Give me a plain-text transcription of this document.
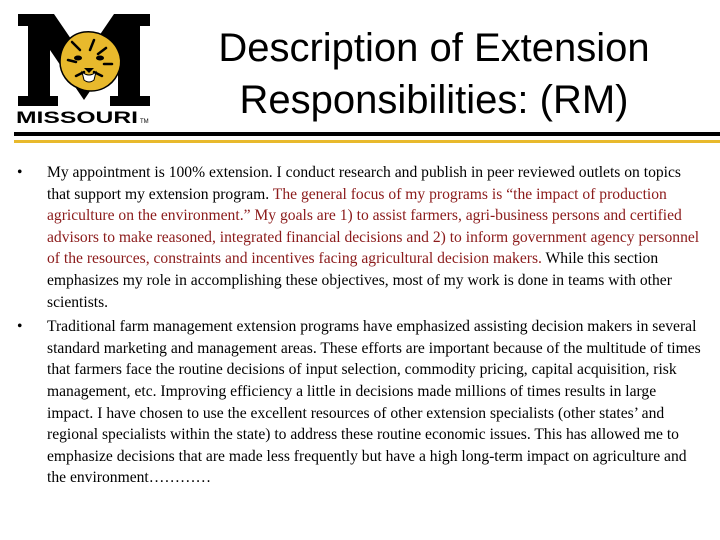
MISSOURI TM
Description of Extension
Responsibilities: (RM)
• My appointment is 100% extension. I conduct research and publish in peer reviewed outlets on topics that support my extension program. The general focus of my programs is “the impact of production agriculture on the environment.” My goals are 1) to assist farmers, agri-business persons and certified advisors to make reasoned, integrated financial decisions and 2) to inform government agency personnel of the resources, constraints and incentives facing agricultural decision makers. While this section emphasizes my role in accomplishing these objectives, most of my work is done in teams with other scientists.
• Traditional farm management extension programs have emphasized assisting decision makers in several standard marketing and management areas. These efforts are important because of the multitude of times that farmers face the routine decisions of input selection, commodity pricing, capital acquisition, risk management, etc. Improving efficiency a little in decisions made millions of times results in large impact. I have chosen to use the excellent resources of other extension specialists (other states’ and regional specialists within the state) to address these routine economic issues. This has allowed me to emphasize decisions that are made less frequently but have a high long-term impact on agriculture and the environment…………
